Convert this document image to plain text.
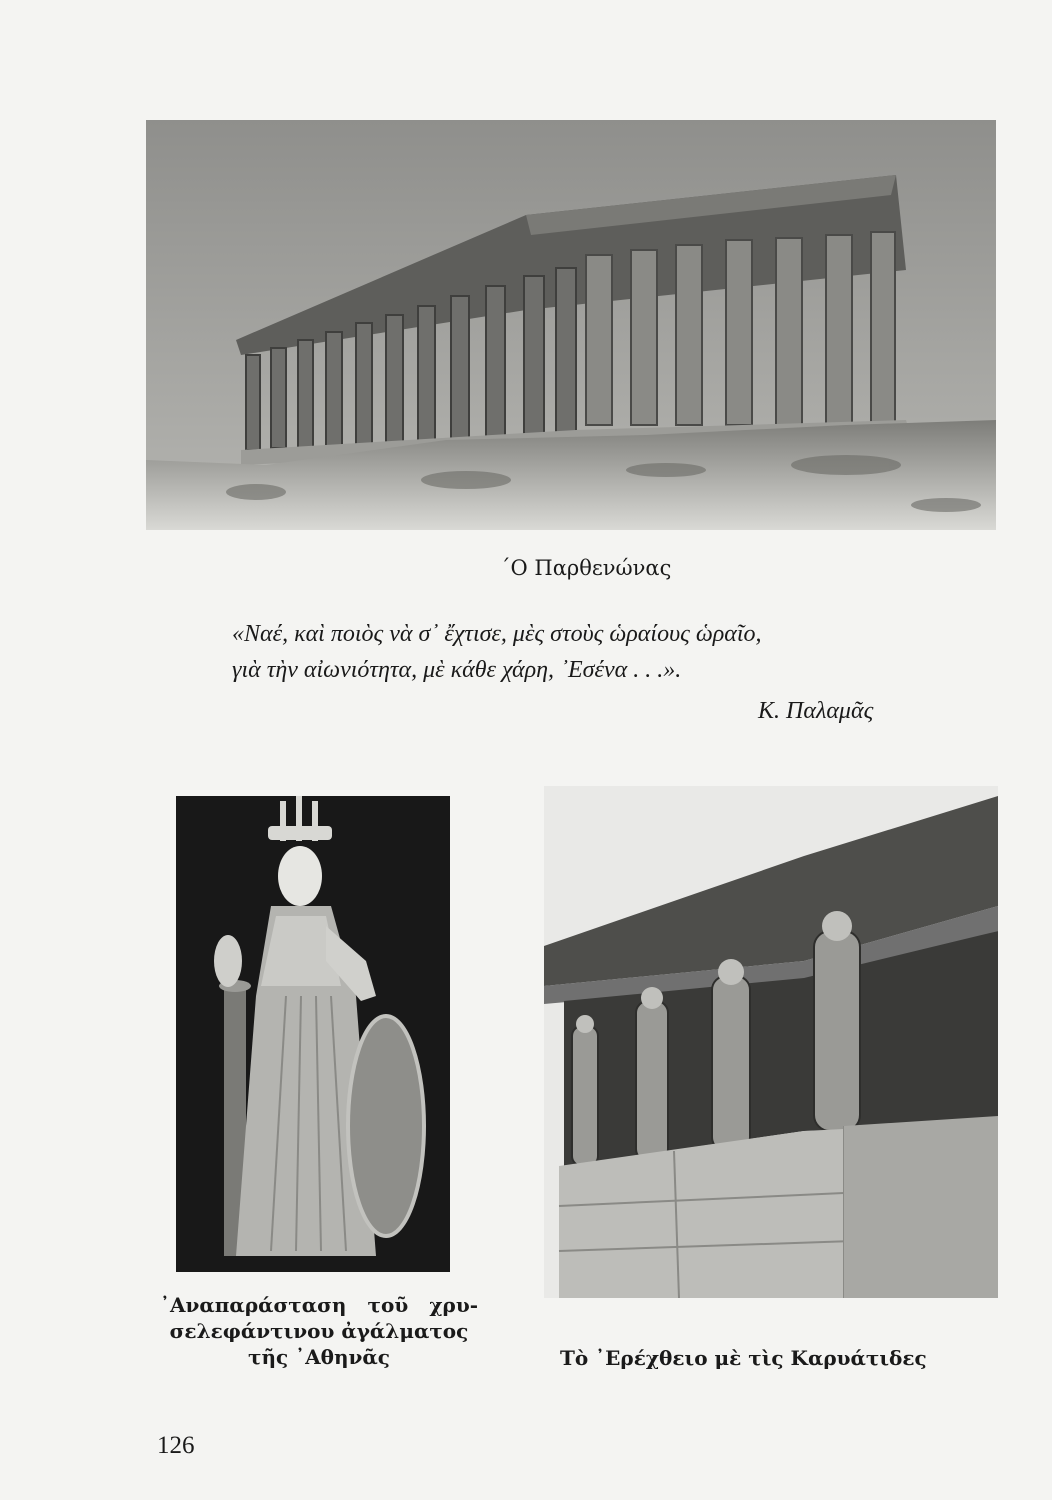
΄Ο Παρθενώνας
«Ναέ, καὶ ποιὸς νὰ σ᾽ ἔχτισε, μὲς στοὺς ὡραίους ὡραῖο,
γιὰ τὴν αἰωνιότητα, μὲ κάθε χάρη, ᾽Εσένα . . .».
Κ. Παλαμᾶς
᾽Αναπαράσταση τοῦ χρυ-
σελεφάντινου ἀγάλματος
τῆς ᾽Αθηνᾶς	Τὸ ᾽Ερέχθειο μὲ τὶς Καρυάτιδες
126
